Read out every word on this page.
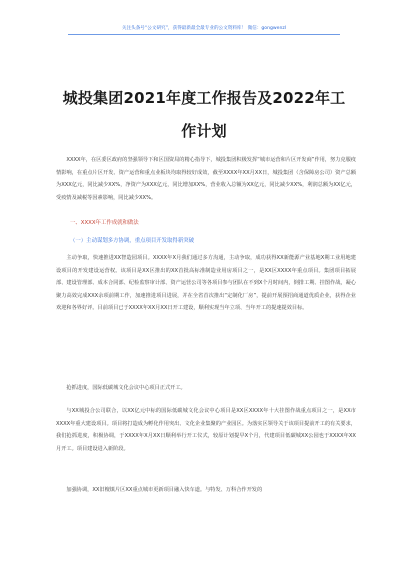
关注头条号“公文研究”，获得最新最全最专业的公文资料库！ 微信：gongwenzl
城投集团2021年度工作报告及2022年工
作计划

XXXX年，在区委区政府的坚强领导下和区国资局的精心指导下，城投集团积极发挥“城市运营和片区开发商”作用，努力克服疫情影响，在重点片区开发、资产运营和重点业板块均取得较好成效，截至XXXX年XX月XX日，城投集团（含保障房公司）资产总额为XXX亿元，同比减少XX%，净资产为XXX亿元，同比增加XX%，营业收入总额为XX亿元，同比减少XX%，利润总额为XX亿元，受疫情及减税等因素影响，同比减少XX%。

一、XXXX年工作成就和做法
（一）主动谋划多方协调，重点项目开发取得新突破

主动争取，快速推进XX智造园项目。XXXX年X月我们通过多方沟通，主动争取，成功获得XX新能源产业基地X期工业用地建设项目的开发建设运营权。该项目是XX区推出的XX首批高标准制造业用房项目之一，是XX区XXXX年重点项目。集团项目拓展部、建设管理部、成本合同部、纪检监察审计部、资产运营公司等各项目参与团队在不到X个月时间内，倒排工期、挂图作战，凝心聚力高效完成XXX余项前期工作，加速推进项目进展，并在全省首次推出“定制化厂房”，提前开展预招商通道优质企业，获得企业欢迎和各界好评。目前项目已于XXXX年XX月XX日开工建设，顺利实现当年立项、当年开工的提速提效目标。

抢抓进度，国际低碳城文化会议中心项目正式开工。

与XX城投合公司联合，以XX亿元中标的国际低碳城文化会议中心项目是XX区XXXX年十大挂图作战重点项目之一，是XX市XXXX年重大建设项目。项目将打造成为孵化作用突出、文化企业集聚的产业园区。为落实区领导关于该项目提前开工的有关要求，我们抢抓进度，积极协调，于XXXX年X月XX日顺利举行开工仪式，较原计划提早X个月，代建项目低碳城XX公园也于XXXX年XX月开工。项目建设进入新阶段。

加强协调，XX旧檀镇片区XX重点城市更新项目融入快车道。与特发、万科合作开发的
